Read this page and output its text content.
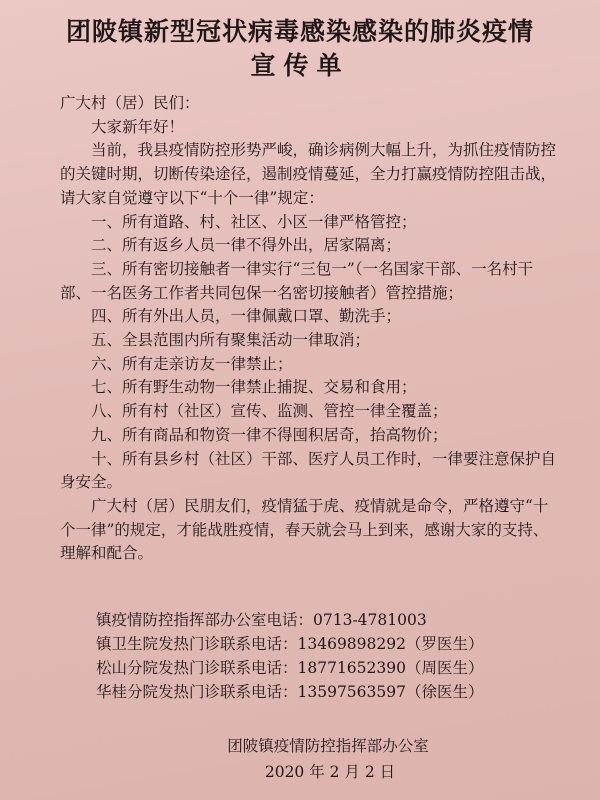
团陂镇新型冠状病毒感染感染的肺炎疫情
宣传单

广大村（居）民们：

大家新年好！

当前，我县疫情防控形势严峻，确诊病例大幅上升，为抓住疫情防控的关键时期，切断传染途径，遏制疫情蔓延，全力打赢疫情防控阻击战，请大家自觉遵守以下“十个一律”规定：

一、所有道路、村、社区、小区一律严格管控；

二、所有返乡人员一律不得外出，居家隔离；

三、所有密切接触者一律实行“三包一”（一名国家干部、一名村干部、一名医务工作者共同包保一名密切接触者）管控措施；

四、所有外出人员，一律佩戴口罩、勤洗手；

五、全县范围内所有聚集活动一律取消；

六、所有走亲访友一律禁止；

七、所有野生动物一律禁止捕捉、交易和食用；

八、所有村（社区）宣传、监测、管控一律全覆盖；

九、所有商品和物资一律不得囤积居奇，抬高物价；

十、所有县乡村（社区）干部、医疗人员工作时，一律要注意保护自身安全。

广大村（居）民朋友们，疫情猛于虎、疫情就是命令，严格遵守“十个一律”的规定，才能战胜疫情，春天就会马上到来，感谢大家的支持、理解和配合。

镇疫情防控指挥部办公室电话：0713-4781003

镇卫生院发热门诊联系电话：13469898292（罗医生）

松山分院发热门诊联系电话：18771652390（周医生）

华桂分院发热门诊联系电话：13597563597（徐医生）

团陂镇疫情防控指挥部办公室
2020 年 2 月 2 日
